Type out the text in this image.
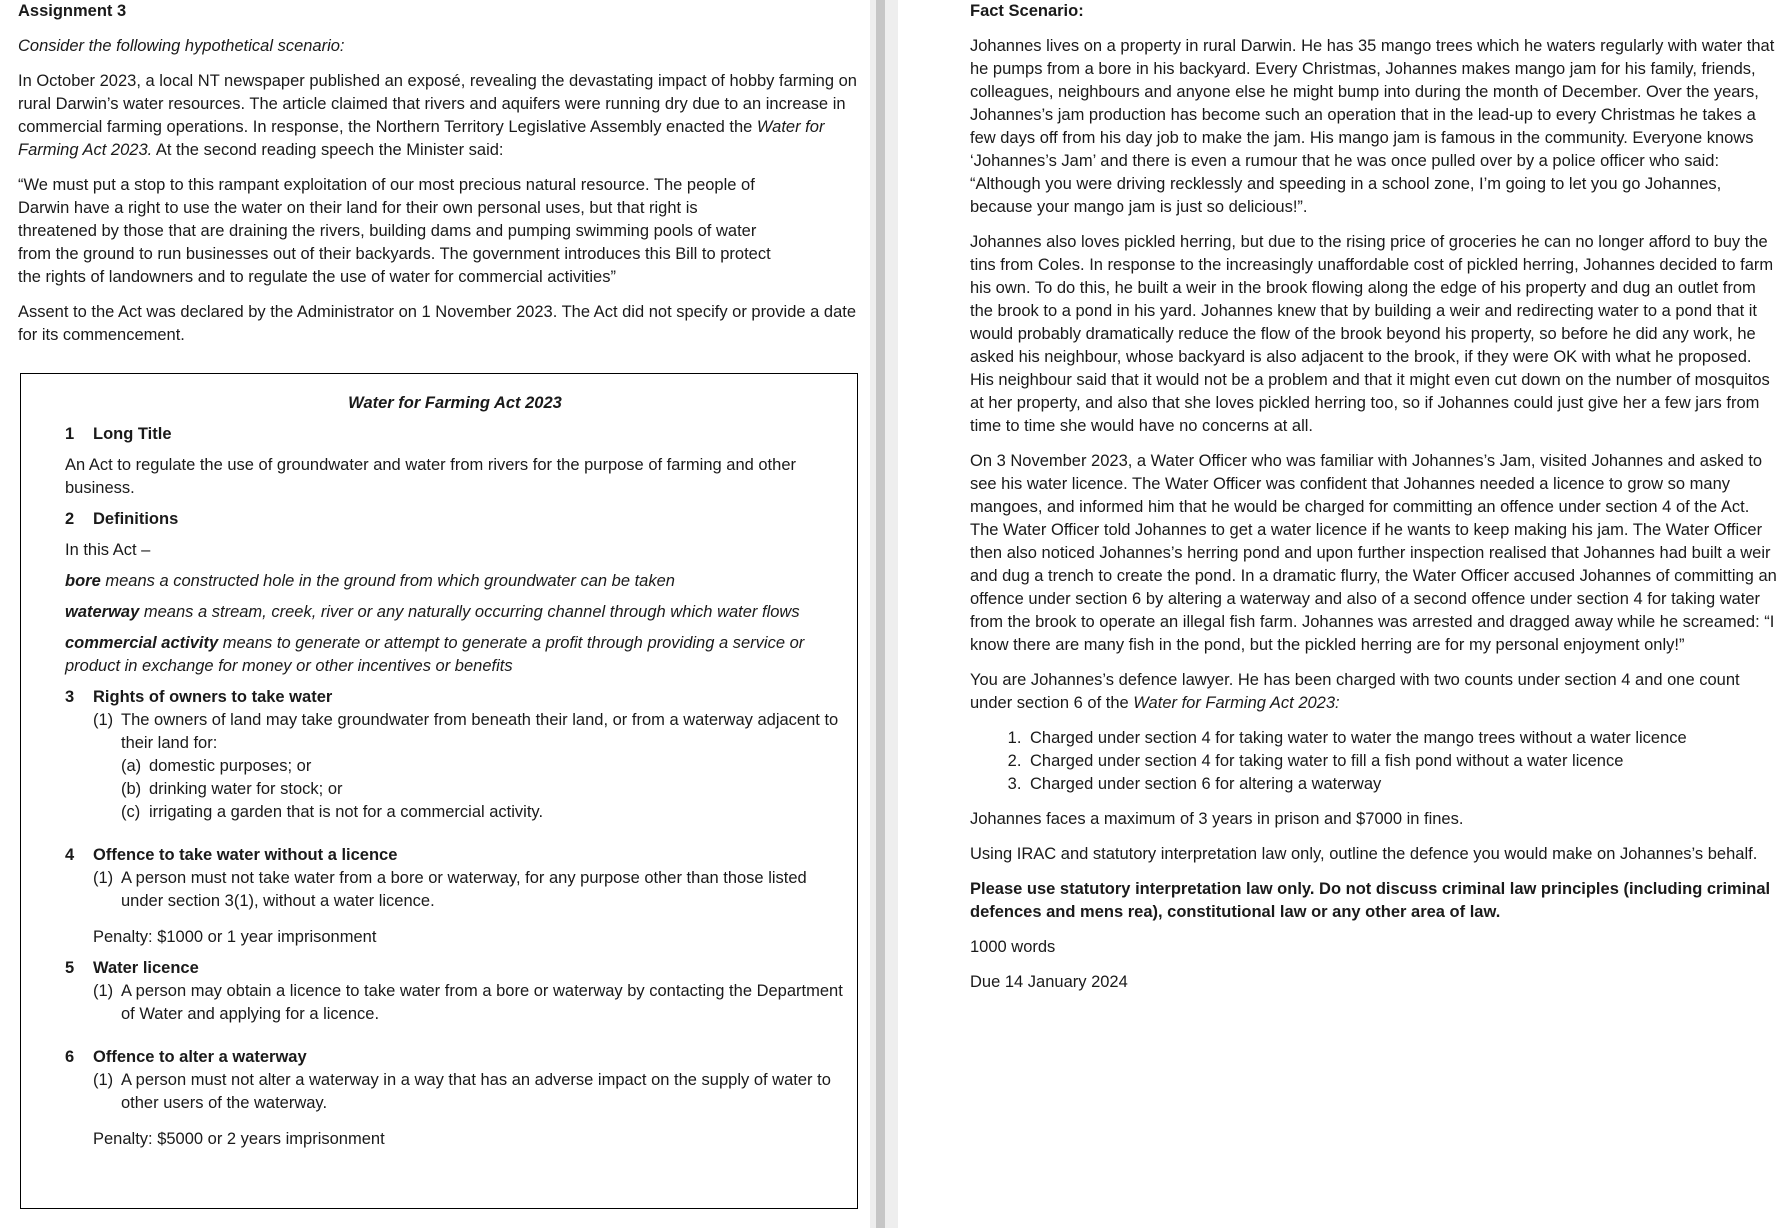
Assignment 3

Consider the following hypothetical scenario:

In October 2023, a local NT newspaper published an exposé, revealing the devastating impact of hobby farming on rural Darwin’s water resources. The article claimed that rivers and aquifers were running dry due to an increase in commercial farming operations. In response, the Northern Territory Legislative Assembly enacted the Water for Farming Act 2023. At the second reading speech the Minister said:

“We must put a stop to this rampant exploitation of our most precious natural resource. The people of Darwin have a right to use the water on their land for their own personal uses, but that right is threatened by those that are draining the rivers, building dams and pumping swimming pools of water from the ground to run businesses out of their backyards. The government introduces this Bill to protect the rights of landowners and to regulate the use of water for commercial activities”

Assent to the Act was declared by the Administrator on 1 November 2023. The Act did not specify or provide a date for its commencement.

Water for Farming Act 2023

1	Long Title

An Act to regulate the use of groundwater and water from rivers for the purpose of farming and other business.

2	Definitions

In this Act –

bore means a constructed hole in the ground from which groundwater can be taken

waterway means a stream, creek, river or any naturally occurring channel through which water flows

commercial activity means to generate or attempt to generate a profit through providing a service or product in exchange for money or other incentives or benefits

3	Rights of owners to take water
(1) The owners of land may take groundwater from beneath their land, or from a waterway adjacent to their land for:
(a) domestic purposes; or
(b) drinking water for stock; or
(c) irrigating a garden that is not for a commercial activity.
4	Offence to take water without a licence
(1) A person must not take water from a bore or waterway, for any purpose other than those listed under section 3(1), without a water licence.

Penalty: $1000 or 1 year imprisonment

5	Water licence
(1) A person may obtain a licence to take water from a bore or waterway by contacting the Department of Water and applying for a licence.
6	Offence to alter a waterway
(1) A person must not alter a waterway in a way that has an adverse impact on the supply of water to other users of the waterway.

Penalty: $5000 or 2 years imprisonment

Fact Scenario:

Johannes lives on a property in rural Darwin. He has 35 mango trees which he waters regularly with water that he pumps from a bore in his backyard. Every Christmas, Johannes makes mango jam for his family, friends, colleagues, neighbours and anyone else he might bump into during the month of December. Over the years, Johannes’s jam production has become such an operation that in the lead-up to every Christmas he takes a few days off from his day job to make the jam. His mango jam is famous in the community. Everyone knows ‘Johannes’s Jam’ and there is even a rumour that he was once pulled over by a police officer who said: “Although you were driving recklessly and speeding in a school zone, I’m going to let you go Johannes, because your mango jam is just so delicious!”.

Johannes also loves pickled herring, but due to the rising price of groceries he can no longer afford to buy the tins from Coles. In response to the increasingly unaffordable cost of pickled herring, Johannes decided to farm his own. To do this, he built a weir in the brook flowing along the edge of his property and dug an outlet from the brook to a pond in his yard. Johannes knew that by building a weir and redirecting water to a pond that it would probably dramatically reduce the flow of the brook beyond his property, so before he did any work, he asked his neighbour, whose backyard is also adjacent to the brook, if they were OK with what he proposed. His neighbour said that it would not be a problem and that it might even cut down on the number of mosquitos at her property, and also that she loves pickled herring too, so if Johannes could just give her a few jars from time to time she would have no concerns at all.

On 3 November 2023, a Water Officer who was familiar with Johannes’s Jam, visited Johannes and asked to see his water licence. The Water Officer was confident that Johannes needed a licence to grow so many mangoes, and informed him that he would be charged for committing an offence under section 4 of the Act. The Water Officer told Johannes to get a water licence if he wants to keep making his jam. The Water Officer then also noticed Johannes’s herring pond and upon further inspection realised that Johannes had built a weir and dug a trench to create the pond. In a dramatic flurry, the Water Officer accused Johannes of committing an offence under section 6 by altering a waterway and also of a second offence under section 4 for taking water from the brook to operate an illegal fish farm. Johannes was arrested and dragged away while he screamed: “I know there are many fish in the pond, but the pickled herring are for my personal enjoyment only!”

You are Johannes’s defence lawyer. He has been charged with two counts under section 4 and one count under section 6 of the Water for Farming Act 2023:

1. Charged under section 4 for taking water to water the mango trees without a water licence
2. Charged under section 4 for taking water to fill a fish pond without a water licence
3. Charged under section 6 for altering a waterway

Johannes faces a maximum of 3 years in prison and $7000 in fines.

Using IRAC and statutory interpretation law only, outline the defence you would make on Johannes’s behalf.

Please use statutory interpretation law only. Do not discuss criminal law principles (including criminal defences and mens rea), constitutional law or any other area of law.

1000 words

Due 14 January 2024
